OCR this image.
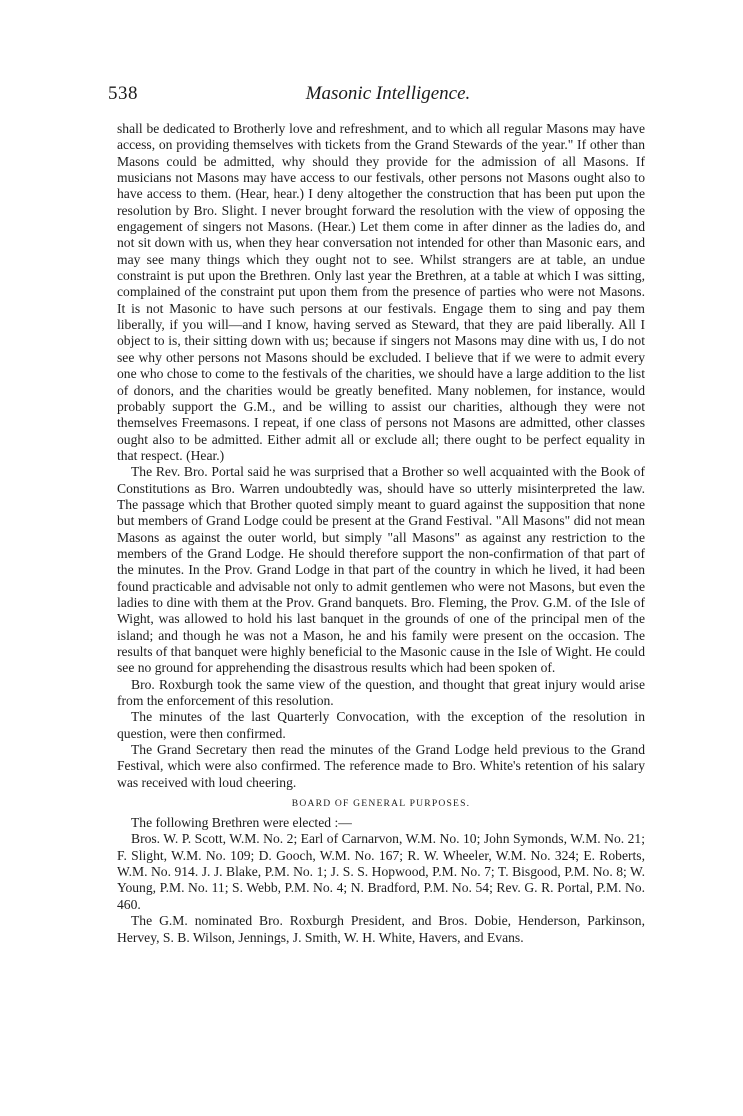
538	Masonic Intelligence.

shall be dedicated to Brotherly love and refreshment, and to which all regular Masons may have access, on providing themselves with tickets from the Grand Stewards of the year." If other than Masons could be admitted, why should they provide for the admission of all Masons. If musicians not Masons may have access to our festivals, other persons not Masons ought also to have access to them. (Hear, hear.) I deny altogether the construction that has been put upon the resolution by Bro. Slight. I never brought forward the resolution with the view of opposing the engagement of singers not Masons. (Hear.) Let them come in after dinner as the ladies do, and not sit down with us, when they hear conversation not intended for other than Masonic ears, and may see many things which they ought not to see. Whilst strangers are at table, an undue constraint is put upon the Brethren. Only last year the Brethren, at a table at which I was sitting, complained of the constraint put upon them from the presence of parties who were not Masons. It is not Masonic to have such persons at our festivals. Engage them to sing and pay them liberally, if you will—and I know, having served as Steward, that they are paid liberally. All I object to is, their sitting down with us; because if singers not Masons may dine with us, I do not see why other persons not Masons should be excluded. I believe that if we were to admit every one who chose to come to the festivals of the charities, we should have a large addition to the list of donors, and the charities would be greatly benefited. Many noblemen, for instance, would probably support the G.M., and be willing to assist our charities, although they were not themselves Freemasons. I repeat, if one class of persons not Masons are admitted, other classes ought also to be admitted. Either admit all or exclude all; there ought to be perfect equality in that respect. (Hear.)

The Rev. Bro. Portal said he was surprised that a Brother so well acquainted with the Book of Constitutions as Bro. Warren undoubtedly was, should have so utterly misinterpreted the law. The passage which that Brother quoted simply meant to guard against the supposition that none but members of Grand Lodge could be present at the Grand Festival. "All Masons" did not mean Masons as against the outer world, but simply "all Masons" as against any restriction to the members of the Grand Lodge. He should therefore support the non-confirmation of that part of the minutes. In the Prov. Grand Lodge in that part of the country in which he lived, it had been found practicable and advisable not only to admit gentlemen who were not Masons, but even the ladies to dine with them at the Prov. Grand banquets. Bro. Fleming, the Prov. G.M. of the Isle of Wight, was allowed to hold his last banquet in the grounds of one of the principal men of the island; and though he was not a Mason, he and his family were present on the occasion. The results of that banquet were highly beneficial to the Masonic cause in the Isle of Wight. He could see no ground for apprehending the disastrous results which had been spoken of.

Bro. Roxburgh took the same view of the question, and thought that great injury would arise from the enforcement of this resolution.

The minutes of the last Quarterly Convocation, with the exception of the resolution in question, were then confirmed.

The Grand Secretary then read the minutes of the Grand Lodge held previous to the Grand Festival, which were also confirmed. The reference made to Bro. White's retention of his salary was received with loud cheering.

BOARD OF GENERAL PURPOSES.

The following Brethren were elected :—

Bros. W. P. Scott, W.M. No. 2; Earl of Carnarvon, W.M. No. 10; John Symonds, W.M. No. 21; F. Slight, W.M. No. 109; D. Gooch, W.M. No. 167; R. W. Wheeler, W.M. No. 324; E. Roberts, W.M. No. 914. J. J. Blake, P.M. No. 1; J. S. S. Hopwood, P.M. No. 7; T. Bisgood, P.M. No. 8; W. Young, P.M. No. 11; S. Webb, P.M. No. 4; N. Bradford, P.M. No. 54; Rev. G. R. Portal, P.M. No. 460.

The G.M. nominated Bro. Roxburgh President, and Bros. Dobie, Henderson, Parkinson, Hervey, S. B. Wilson, Jennings, J. Smith, W. H. White, Havers, and Evans.
